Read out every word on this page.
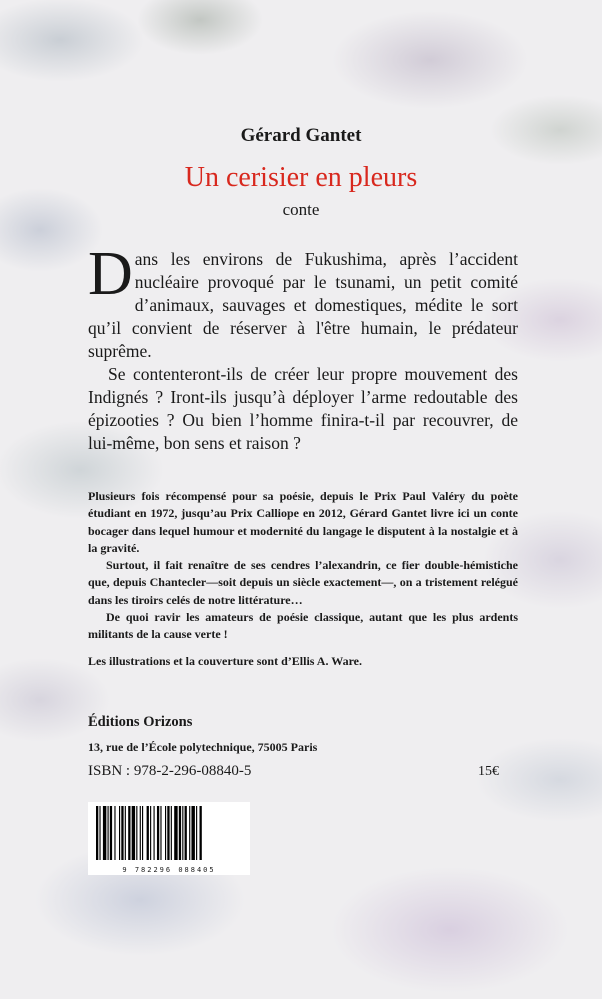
Gérard Gantet
Un cerisier en pleurs
conte

Dans les environs de Fukushima, après l’accident nucléaire provoqué par le tsunami, un petit comité d’animaux, sauvages et domestiques, médite le sort qu’il convient de réserver à l'être humain, le prédateur suprême.

Se contenteront-ils de créer leur propre mouvement des Indignés ? Iront-ils jusqu’à déployer l’arme redoutable des épizooties ? Ou bien l’homme finira-t-il par recouvrer, de lui-même, bon sens et raison ?

Plusieurs fois récompensé pour sa poésie, depuis le Prix Paul Valéry du poète étudiant en 1972, jusqu’au Prix Calliope en 2012, Gérard Gantet livre ici un conte bocager dans lequel humour et modernité du langage le disputent à la nostalgie et à la gravité.

Surtout, il fait renaître de ses cendres l’alexandrin, ce fier double-hémistiche que, depuis Chantecler—soit depuis un siècle exactement—, on a tristement relégué dans les tiroirs celés de notre littérature…

De quoi ravir les amateurs de poésie classique, autant que les plus ardents militants de la cause verte !

Les illustrations et la couverture sont d’Ellis A. Ware.

Éditions Orizons
13, rue de l’École polytechnique, 75005 Paris
ISBN : 978-2-296-08840-5	15€
9 782296 088405
